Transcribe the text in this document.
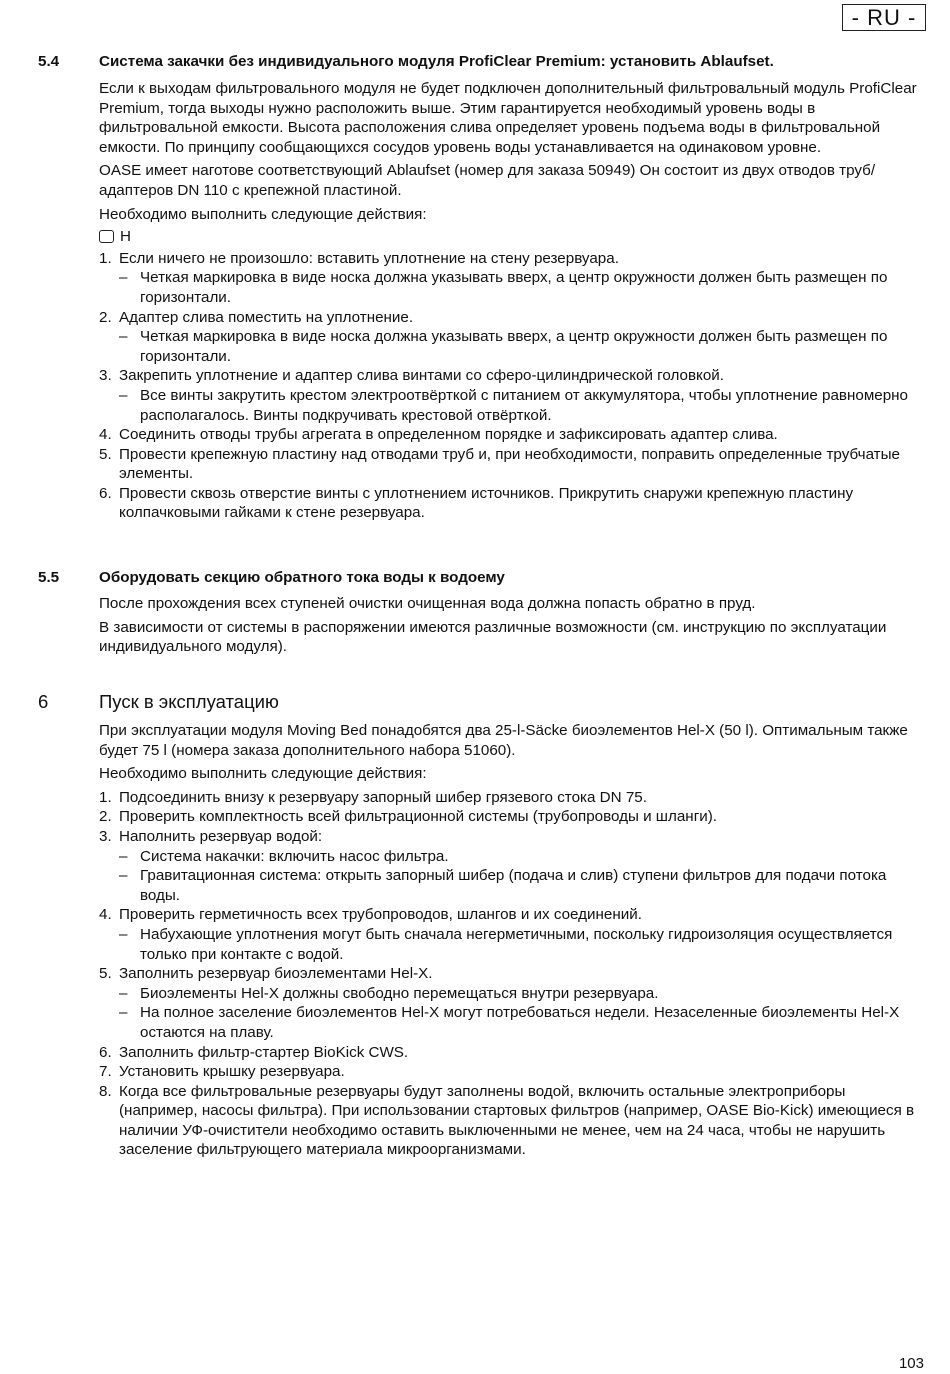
- RU -
5.4	Система закачки без индивидуального модуля ProfiClear Premium: установить Ablaufset.

Если к выходам фильтровального модуля не будет подключен дополнительный фильтровальный модуль ProfiClear Premium, тогда выходы нужно расположить выше. Этим гарантируется необходимый уровень воды в фильтровальной емкости. Высота расположения слива определяет уровень подъема воды в фильтровальной емкости. По принципу сообщающихся сосудов уровень воды устанавливается на одинаковом уровне.

OASE имеет наготове соответствующий Ablaufset (номер для заказа 50949) Он состоит из двух отводов труб/адаптеров DN 110 с крепежной пластиной.

Необходимо выполнить следующие действия:

H
1. Если ничего не произошло: вставить уплотнение на стену резервуара.
– Четкая маркировка в виде носка должна указывать вверх, а центр окружности должен быть размещен по горизонтали.
2. Адаптер слива поместить на уплотнение.
– Четкая маркировка в виде носка должна указывать вверх, а центр окружности должен быть размещен по горизонтали.
3. Закрепить уплотнение и адаптер слива винтами со сферо-цилиндрической головкой.
– Все винты закрутить крестом электроотвёрткой с питанием от аккумулятора, чтобы уплотнение равномерно располагалось. Винты подкручивать крестовой отвёрткой.
4. Соединить отводы трубы агрегата в определенном порядке и зафиксировать адаптер слива.
5. Провести крепежную пластину над отводами труб и, при необходимости, поправить определенные трубчатые элементы.
6. Провести сквозь отверстие винты с уплотнением источников. Прикрутить снаружи крепежную пластину колпачковыми гайками к стене резервуара.
5.5	Оборудовать секцию обратного тока воды к водоему

После прохождения всех ступеней очистки очищенная вода должна попасть обратно в пруд.

В зависимости от системы в распоряжении имеются различные возможности (см. инструкцию по эксплуатации индивидуального модуля).

6	Пуск в эксплуатацию

При эксплуатации модуля Moving Bed понадобятся два 25-l-Säcke биоэлементов Hel-X (50 l). Оптимальным также будет 75 l (номера заказа дополнительного набора 51060).

Необходимо выполнить следующие действия:

1. Подсоединить внизу к резервуару запорный шибер грязевого стока DN 75.
2. Проверить комплектность всей фильтрационной системы (трубопроводы и шланги).
3. Наполнить резервуар водой:
– Система накачки: включить насос фильтра.
– Гравитационная система: открыть запорный шибер (подача и слив) ступени фильтров для подачи потока воды.
4. Проверить герметичность всех трубопроводов, шлангов и их соединений.
– Набухающие уплотнения могут быть сначала негерметичными, поскольку гидроизоляция осуществляется только при контакте с водой.
5. Заполнить резервуар биоэлементами Hel-X.
– Биоэлементы Hel-X должны свободно перемещаться внутри резервуара.
– На полное заселение биоэлементов Hel-X могут потребоваться недели. Незаселенные биоэлементы Hel-X остаются на плаву.
6. Заполнить фильтр-стартер BioKick CWS.
7. Установить крышку резервуара.
8. Когда все фильтровальные резервуары будут заполнены водой, включить остальные электроприборы (например, насосы фильтра). При использовании стартовых фильтров (например, OASE Bio-Kick) имеющиеся в наличии УФ-очистители необходимо оставить выключенными не менее, чем на 24 часа, чтобы не нарушить заселение фильтрующего материала микроорганизмами.
103
